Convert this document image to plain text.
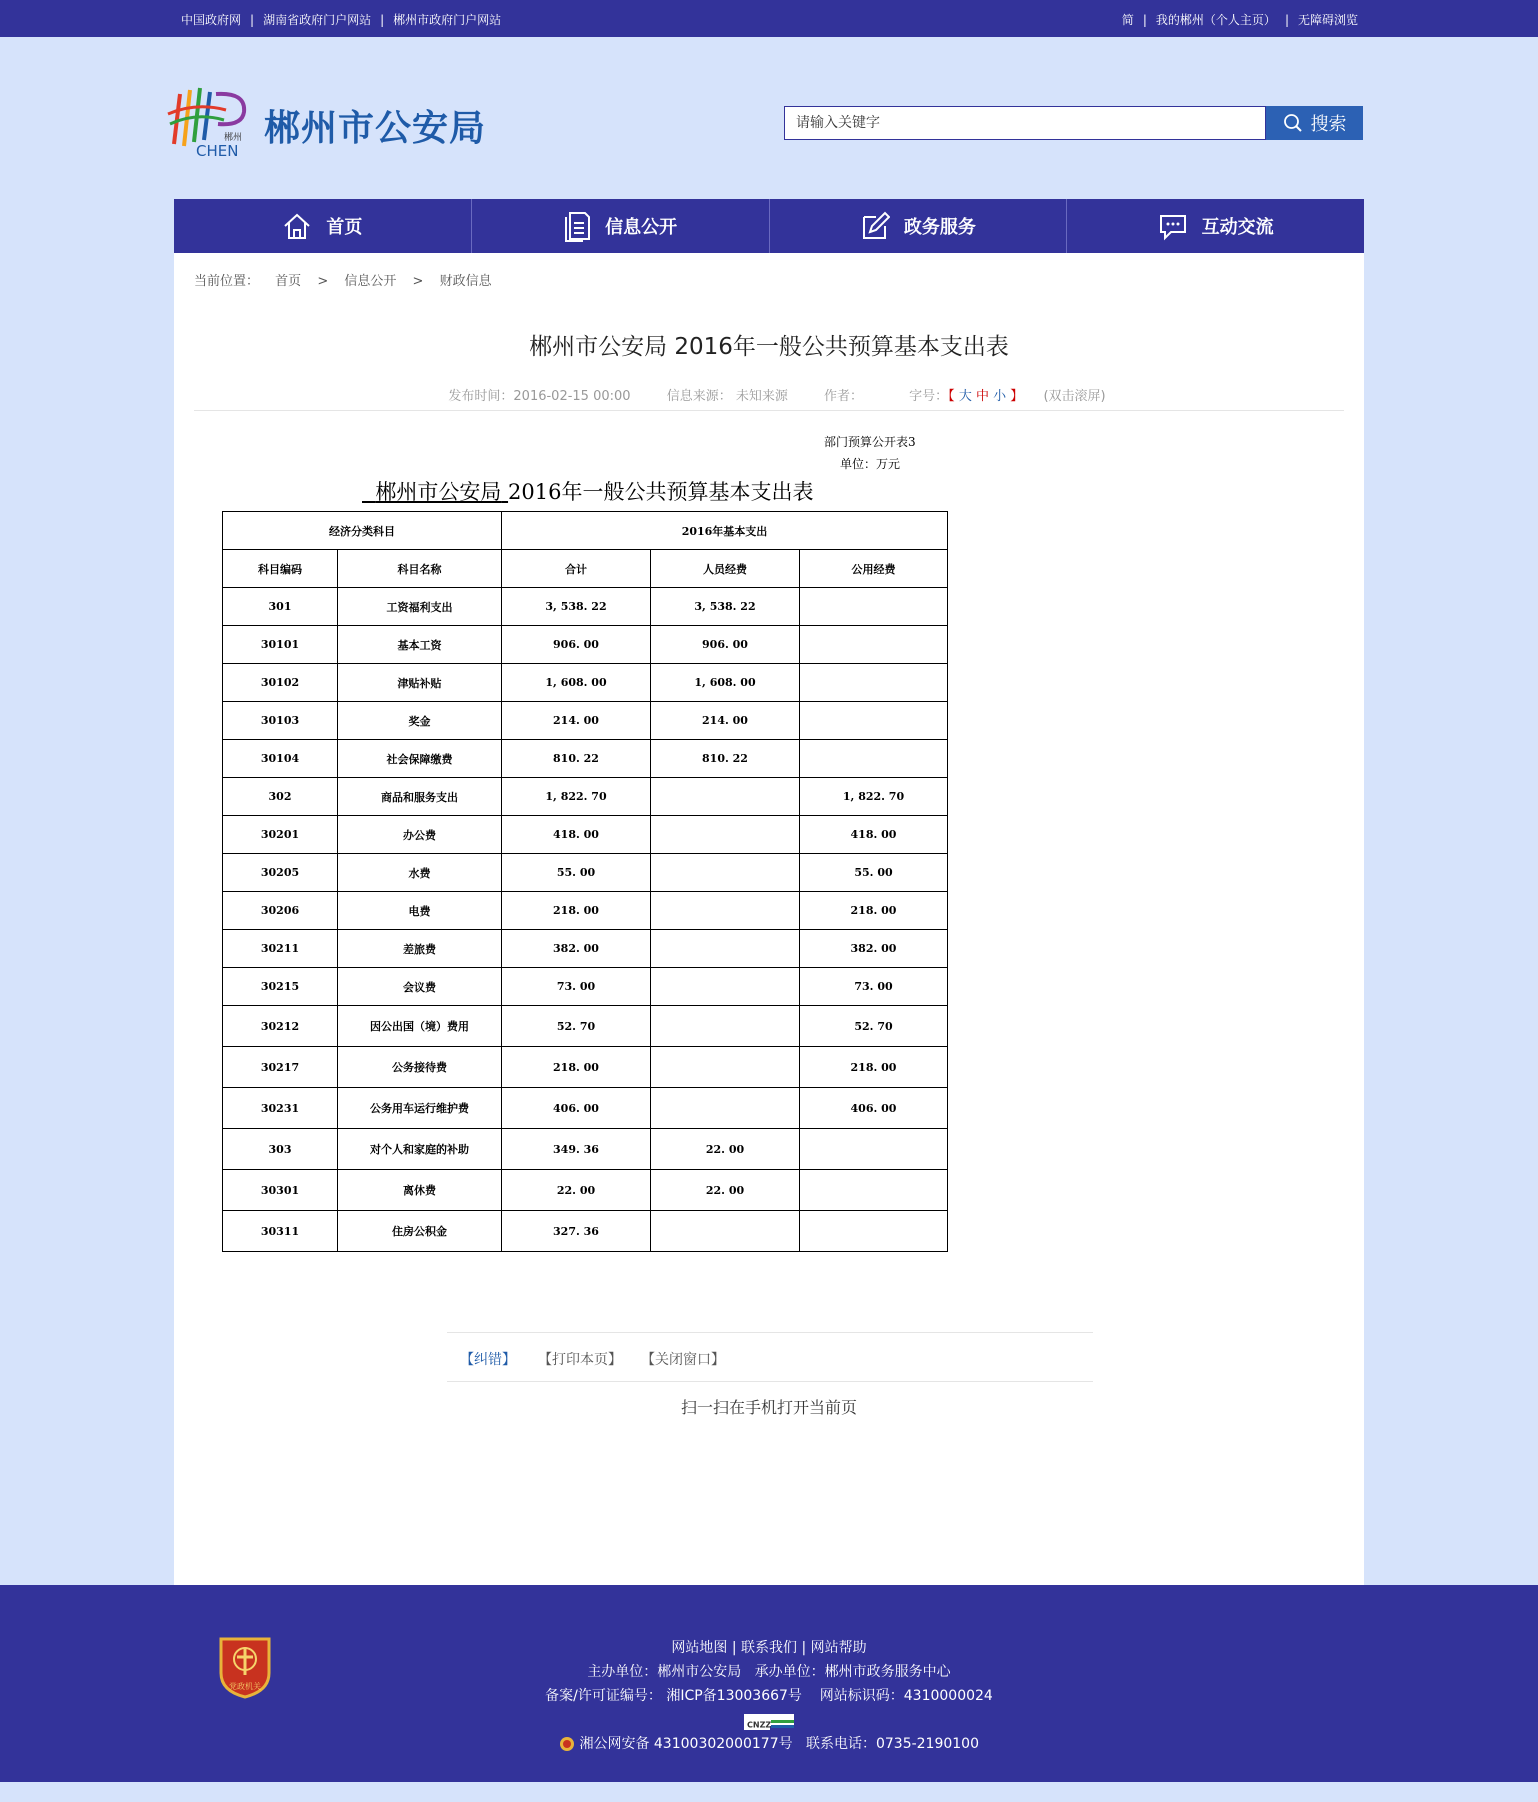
中国政府网 | 湖南省政府门户网站 | 郴州市政府门户网站	简 | 我的郴州（个人主页） | 无障碍浏览
郴州
CHEN
郴州市公安局
请输入关键字	搜索
首页	信息公开	政务服务	互动交流
当前位置： 首页 > 信息公开 > 财政信息
郴州市公安局 2016年一般公共预算基本支出表
发布时间：2016-02-15 00:00	信息来源： 未知来源	作者：	字号：【 大 中 小 】 (双击滚屏)
部门预算公开表3
单位：万元
郴州市公安局 2016年一般公共预算基本支出表
经济分类科目		2016年基本支出		
科目编码	科目名称	合计	人员经费	公用经费
301	工资福利支出	3, 538. 22	3, 538. 22	
30101	基本工资	906. 00	906. 00	
30102	津贴补贴	1, 608. 00	1, 608. 00	
30103	奖金	214. 00	214. 00	
30104	社会保障缴费	810. 22	810. 22	
302	商品和服务支出	1, 822. 70		1, 822. 70
30201	办公费	418. 00		418. 00
30205	水费	55. 00		55. 00
30206	电费	218. 00		218. 00
30211	差旅费	382. 00		382. 00
30215	会议费	73. 00		73. 00
30212	因公出国（境）费用	52. 70		52. 70
30217	公务接待费	218. 00		218. 00
30231	公务用车运行维护费	406. 00		406. 00
303	对个人和家庭的补助	349. 36	22. 00	
30301	离休费	22. 00	22. 00	
30311	住房公积金	327. 36		
【纠错】 【打印本页】 【关闭窗口】
扫一扫在手机打开当前页
党政机关
网站地图 | 联系我们 | 网站帮助
主办单位：郴州市公安局 承办单位：郴州市政务服务中心
备案/许可证编号： 湘ICP备13003667号 网站标识码：4310000024
CNZZ
湘公网安备 43100302000177号 联系电话：0735-2190100
